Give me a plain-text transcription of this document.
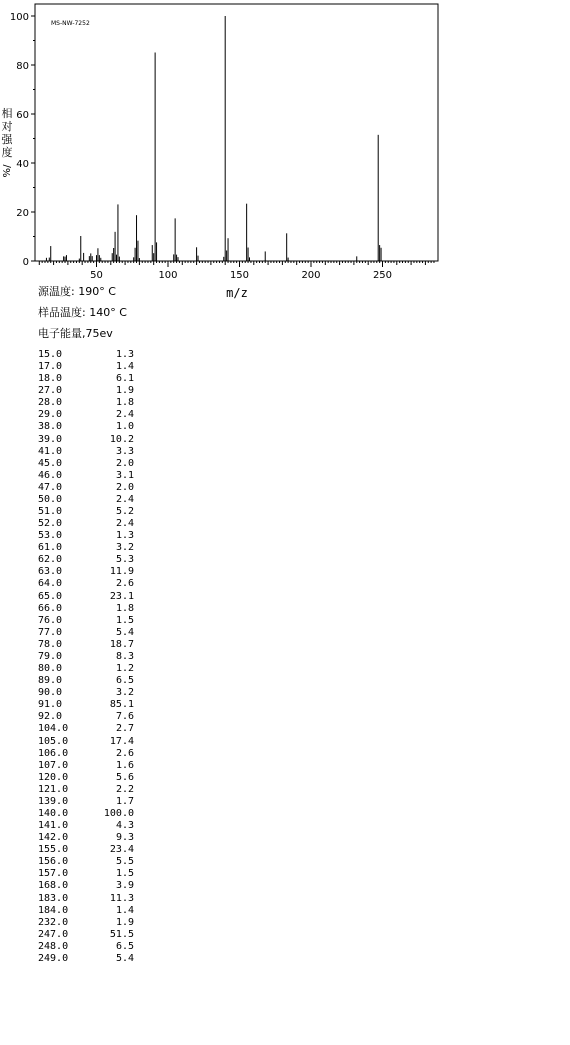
MS-NW-7252
50	100	150	200	250
0
20
40
60
80
100
m/z
相
对
强
度
%/
源温度: 190° C
样品温度: 140° C
电子能量,75ev
15.0	1.3
17.0	1.4
18.0	6.1
27.0	1.9
28.0	1.8
29.0	2.4
38.0	1.0
39.0	10.2
41.0	3.3
45.0	2.0
46.0	3.1
47.0	2.0
50.0	2.4
51.0	5.2
52.0	2.4
53.0	1.3
61.0	3.2
62.0	5.3
63.0	11.9
64.0	2.6
65.0	23.1
66.0	1.8
76.0	1.5
77.0	5.4
78.0	18.7
79.0	8.3
80.0	1.2
89.0	6.5
90.0	3.2
91.0	85.1
92.0	7.6
104.0	2.7
105.0	17.4
106.0	2.6
107.0	1.6
120.0	5.6
121.0	2.2
139.0	1.7
140.0	100.0
141.0	4.3
142.0	9.3
155.0	23.4
156.0	5.5
157.0	1.5
168.0	3.9
183.0	11.3
184.0	1.4
232.0	1.9
247.0	51.5
248.0	6.5
249.0	5.4
